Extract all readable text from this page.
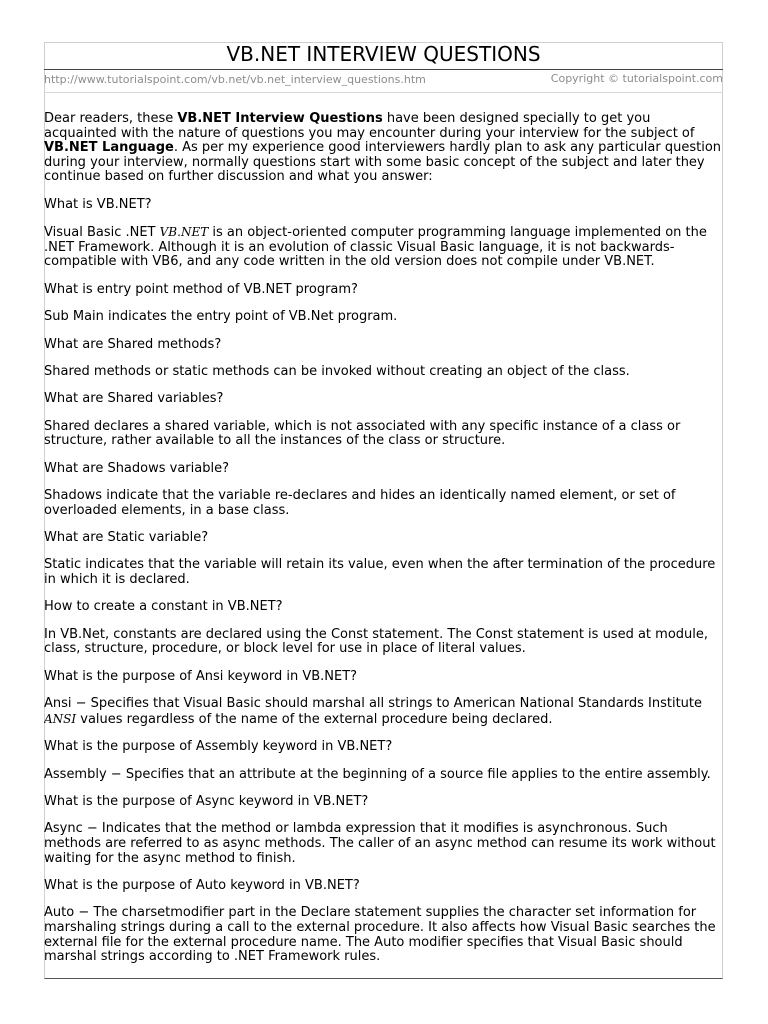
VB.NET INTERVIEW QUESTIONS
http://www.tutorialspoint.com/vb.net/vb.net_interview_questions.htm	Copyright © tutorialspoint.com

Dear readers, these VB.NET Interview Questions have been designed specially to get you acquainted with the nature of questions you may encounter during your interview for the subject of VB.NET Language. As per my experience good interviewers hardly plan to ask any particular question during your interview, normally questions start with some basic concept of the subject and later they continue based on further discussion and what you answer:

What is VB.NET?

Visual Basic .NET VB.NET is an object-oriented computer programming language implemented on the .NET Framework. Although it is an evolution of classic Visual Basic language, it is not backwards-compatible with VB6, and any code written in the old version does not compile under VB.NET.

What is entry point method of VB.NET program?

Sub Main indicates the entry point of VB.Net program.

What are Shared methods?

Shared methods or static methods can be invoked without creating an object of the class.

What are Shared variables?

Shared declares a shared variable, which is not associated with any specific instance of a class or structure, rather available to all the instances of the class or structure.

What are Shadows variable?

Shadows indicate that the variable re-declares and hides an identically named element, or set of overloaded elements, in a base class.

What are Static variable?

Static indicates that the variable will retain its value, even when the after termination of the procedure in which it is declared.

How to create a constant in VB.NET?

In VB.Net, constants are declared using the Const statement. The Const statement is used at module, class, structure, procedure, or block level for use in place of literal values.

What is the purpose of Ansi keyword in VB.NET?

Ansi − Specifies that Visual Basic should marshal all strings to American National Standards Institute ANSI values regardless of the name of the external procedure being declared.

What is the purpose of Assembly keyword in VB.NET?

Assembly − Specifies that an attribute at the beginning of a source file applies to the entire assembly.

What is the purpose of Async keyword in VB.NET?

Async − Indicates that the method or lambda expression that it modifies is asynchronous. Such methods are referred to as async methods. The caller of an async method can resume its work without waiting for the async method to finish.

What is the purpose of Auto keyword in VB.NET?

Auto − The charsetmodifier part in the Declare statement supplies the character set information for marshaling strings during a call to the external procedure. It also affects how Visual Basic searches the external file for the external procedure name. The Auto modifier specifies that Visual Basic should marshal strings according to .NET Framework rules.
